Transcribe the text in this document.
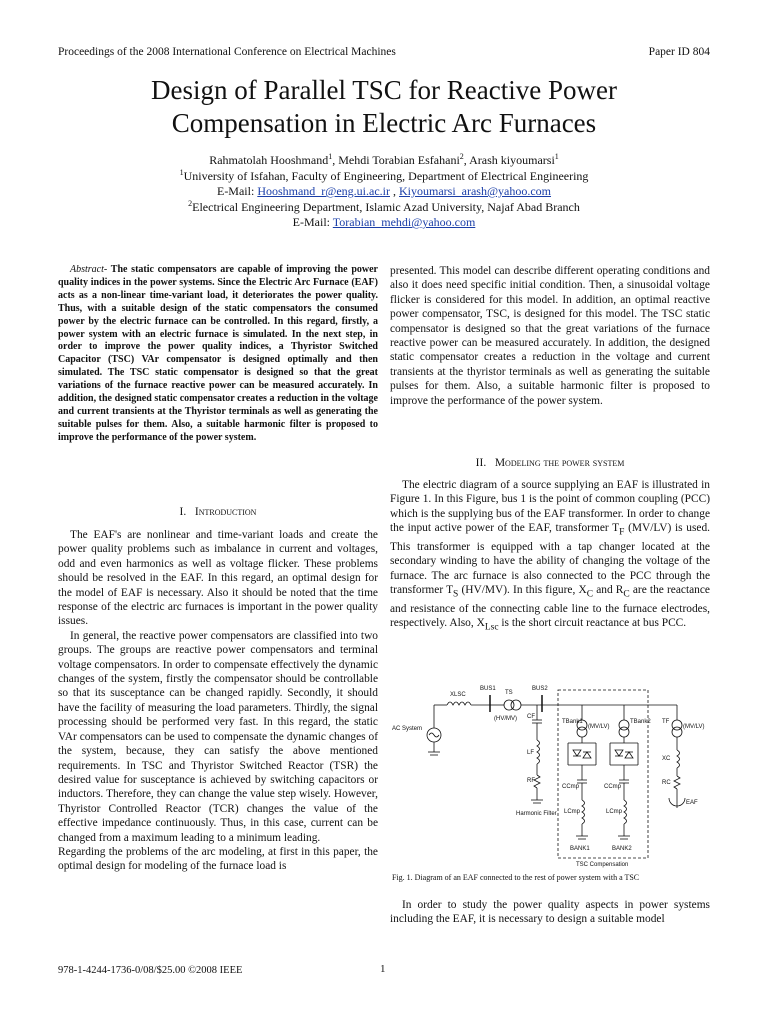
Proceedings of the 2008 International Conference on Electrical Machines	Paper ID 804
Design of Parallel TSC for Reactive Power
Compensation in Electric Arc Furnaces
Rahmatolah Hooshmand$^1$, Mehdi Torabian Esfahani$^2$, Arash kiyoumarsi$^1$
$^1$University of Isfahan, Faculty of Engineering, Department of Electrical Engineering
E-Mail: Hooshmand_r@eng.ui.ac.ir , Kiyoumarsi_arash@yahoo.com
$^2$Electrical Engineering Department, Islamic Azad University, Najaf Abad Branch
E-Mail: Torabian_mehdi@yahoo.com

Abstract- The static compensators are capable of improving the power quality indices in the power systems. Since the Electric Arc Furnace (EAF) acts as a non-linear time-variant load, it deteriorates the power quality. Thus, with a suitable design of the static compensators the consumed power by the electric furnace can be controlled. In this regard, firstly, a power system with an electric furnace is simulated. In the next step, in order to improve the power quality indices, a Thyristor Switched Capacitor (TSC) VAr compensator is designed optimally and then simulated. The TSC static compensator is designed so that the great variations of the furnace reactive power can be measured accurately. In addition, the designed static compensator creates a reduction in the voltage and current transients at the Thyristor terminals as well as generating the suitable pulses for them. Also, a suitable harmonic filter is proposed to improve the performance of the power system.

I. Introduction

The EAF's are nonlinear and time-variant loads and create the power quality problems such as imbalance in current and voltages, odd and even harmonics as well as voltage flicker. These problems should be resolved in the EAF. In this regard, an optimal design for the model of EAF is necessary. Also it should be noted that the time response of the electric arc furnaces is important in the power quality issues.

In general, the reactive power compensators are classified into two groups. The groups are reactive power compensators and terminal voltage compensators. In order to compensate effectively the dynamic changes of the system, firstly the compensator should be controllable so that its susceptance can be changed rapidly. Secondly, it should have the facility of measuring the load parameters. Thirdly, the signal processing should be performed very fast. In this regard, the static VAr compensators can be used to compensate the dynamic changes of the system, because, they can satisfy the above mentioned requirements. In TSC and Thyristor Switched Reactor (TSR) the desired value for susceptance is achieved by switching capacitors or inductors. Therefore, they can change the value step wisely. However, Thyristor Controlled Reactor (TCR) changes the value of the effective impedance continuously. Thus, in this case, current can be changed from a maximum leading to a minimum leading.

Regarding the problems of the arc modeling, at first in this paper, the optimal design for modeling of the furnace load is

presented. This model can describe different operating conditions and also it does need specific initial condition. Then, a sinusoidal voltage flicker is considered for this model. In addition, an optimal reactive power compensator, TSC, is designed for this model. The TSC static compensator is designed so that the great variations of the furnace reactive power can be measured accurately. In addition, the designed static compensator creates a reduction in the voltage and current transients at the thyristor terminals as well as generating the suitable pulses for them. Also, a suitable harmonic filter is proposed to improve the performance of the power system.

II. Modeling the power system

The electric diagram of a source supplying an EAF is illustrated in Figure 1. In this Figure, bus 1 is the point of common coupling (PCC) which is the supplying bus of the EAF transformer. In order to change the input active power of the EAF, transformer $T_F$ (MV/LV) is used. This transformer is equipped with a tap changer located at the secondary winding to have the ability of changing the voltage of the furnace. The arc furnace is also connected to the PCC through the transformer $T_S$ (HV/MV). In this figure, $X_C$ and $R_C$ are the reactance and resistance of the connecting cable line to the furnace electrodes, respectively. Also, $X_{Lsc}$ is the short circuit reactance at bus PCC.

AC System
XLSC
BUS1
TS
BUS2
(HV/MV) CF
LF
RF
Harmonic Filter
TBank1
(MV/LV)
TBank2 TF
(MV/LV)
XC
RC
CCmp	CCmp
LCmp	LCmp
EAF
BANK1	BANK2
TSC Compensation
Fig. 1. Diagram of an EAF connected to the rest of power system with a TSC

In order to study the power quality aspects in power systems including the EAF, it is necessary to design a suitable model

978-1-4244-1736-0/08/$25.00 ©2008 IEEE	1
